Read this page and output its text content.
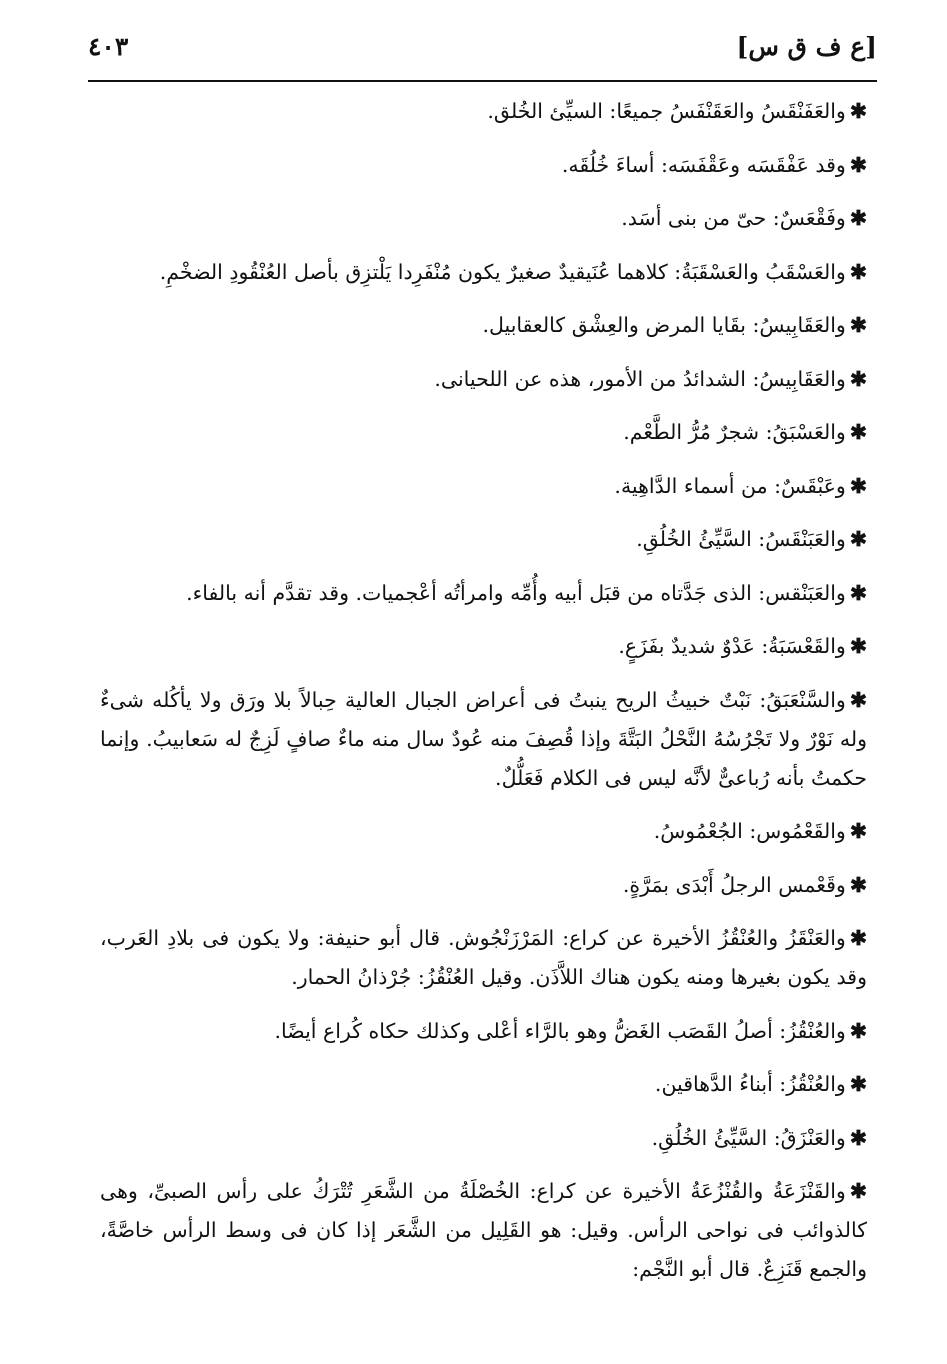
[ع ف ق س]
٤٠٣

✱والعَفَنْقَسُ والعَقَنْفَسُ جميعًا: السيِّئ الخُلق.

✱وقد عَفْقَسَه وعَقْفَسَه: أساءَ خُلُقَه.

✱وفَقْعَسٌ: حىّ من بنى أسَد.

✱والعَسْقَبُ والعَسْقَبَةُ: كلاهما عُنَيقيدٌ صغيرٌ يكون مُنْفَرِدا يَلْتزِق بأصل العُنْقُودِ الضخْمِ.

✱والعَقَابِيسُ: بقَايا المرض والعِشْق كالعقابيل.

✱والعَقَابِيسُ: الشدائدُ من الأمور، هذه عن اللحيانى.

✱والعَسْبَقُ: شجرٌ مُرُّ الطَّعْم.

✱وعَبْقَسٌ: من أسماء الدَّاهِية.

✱والعَبَنْقَسُ: السَّيِّئُ الخُلُقِ.

✱والعَبَنْقس: الذى جَدَّتاه من قبَل أبيه وأُمِّه وامرأتُه أعْجميات. وقد تقدَّم أنه بالفاء.

✱والقَعْسَبَةُ: عَدْوٌ شديدٌ بفَزَعٍ.

✱والسَّنْعَبَقُ: نَبْتٌ خبيثُ الريح ينبتُ فى أعراض الجبال العالية حِبالاً بلا ورَق ولا يأكُله شىءٌ وله نَوْرٌ ولا تَجْرُسُهُ النَّحْلُ البَتَّةَ وإذا قُصِفَ منه عُودٌ سال منه ماءٌ صافٍ لَزِجٌ له سَعابيبُ. وإنما حكمتُ بأنه رُباعىٌّ لأنَّه ليس فى الكلام فَعَلُّلٌ.

✱والقَعْمُوس: الجُعْمُوسُ.

✱وقَعْمس الرجلُ أَبْدَى بمَرَّةٍ.

✱والعَنْقَزُ والعُنْقُزُ الأخيرة عن كراع: المَرْزَنْجُوش. قال أبو حنيفة: ولا يكون فى بلادِ العَرب، وقد يكون بغيرها ومنه يكون هناك اللاَّذَن. وقيل العُنْقُزُ: جُرْذانُ الحمار.

✱والعُنْقُزُ: أصلُ القَصَب الغَضُّ وهو بالرَّاء أعْلى وكذلك حكاه كُراع أيضًا.

✱والعُنْقُزُ: أبناءُ الدَّهاقين.

✱والعَنْزَقُ: السَّيِّئُ الخُلُقِ.

✱والقَنْزَعَةُ والقُنْزُعَةُ الأخيرة عن كراع: الخُصْلَةُ من الشَّعَرِ تُتْرَكُ على رأس الصبىِّ، وهى كالذوائب فى نواحى الرأس. وقيل: هو القَلِيل من الشَّعَر إذا كان فى وسط الرأس خاصَّةً، والجمع قَنَزِعٌ. قال أبو النَّجْم:
